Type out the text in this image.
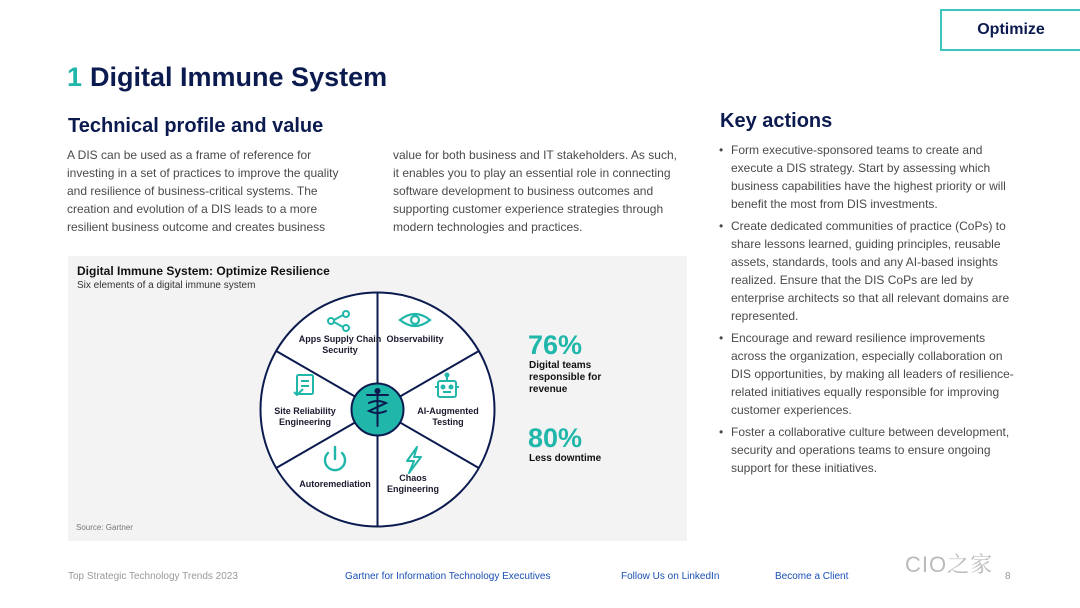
Optimize
1 Digital Immune System
Technical profile and value
A DIS can be used as a frame of reference for investing in a set of practices to improve the quality and resilience of business-critical systems. The creation and evolution of a DIS leads to a more resilient business outcome and creates business
value for both business and IT stakeholders. As such, it enables you to play an essential role in connecting software development to business outcomes and supporting customer experience strategies through modern technologies and practices.
Digital Immune System: Optimize Resilience
Six elements of a digital immune system
Apps Supply Chain Security
Observability
AI-Augmented Testing
Chaos Engineering
Autoremediation
Site Reliability Engineering
76%
Digital teams responsible for revenue
80%
Less downtime
Source: Gartner
Key actions
• Form executive-sponsored teams to create and execute a DIS strategy. Start by assessing which business capabilities have the highest priority or will benefit the most from DIS investments.
• Create dedicated communities of practice (CoPs) to share lessons learned, guiding principles, reusable assets, standards, tools and any AI-based insights realized. Ensure that the DIS CoPs are led by enterprise architects so that all relevant domains are represented.
• Encourage and reward resilience improvements across the organization, especially collaboration on DIS opportunities, by making all leaders of resilience-related initiatives equally responsible for improving customer experiences.
• Foster a collaborative culture between development, security and operations teams to ensure ongoing support for these initiatives.
Top Strategic Technology Trends 2023	Gartner for Information Technology Executives	Follow Us on LinkedIn	Become a Client	8
CIO之家
